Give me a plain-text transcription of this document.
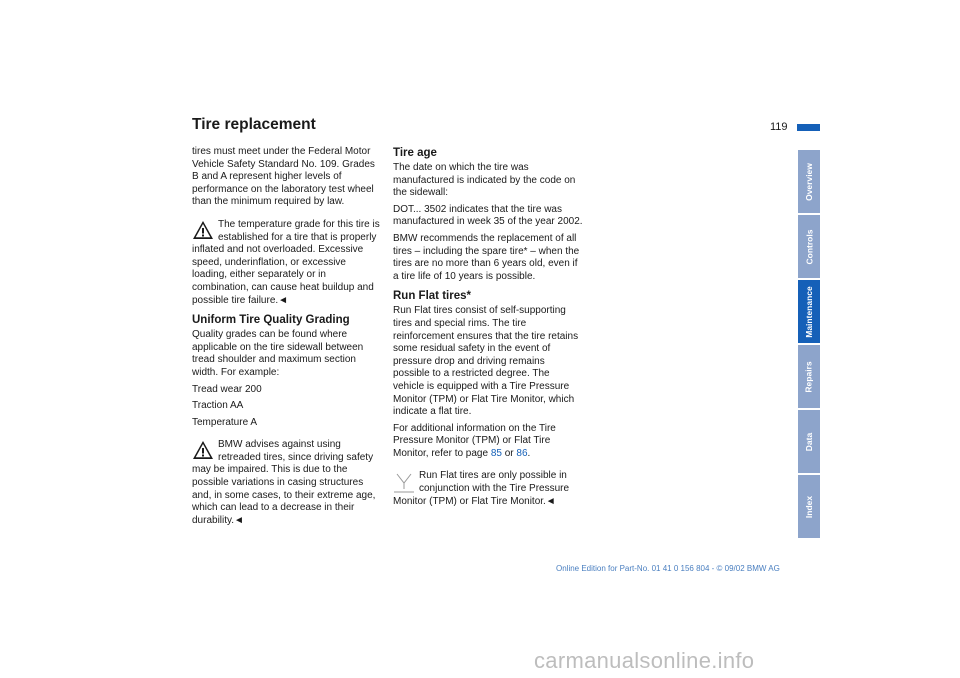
Tire replacement	119

tires must meet under the Federal Motor Vehicle Safety Standard No. 109. Grades B and A represent higher levels of performance on the laboratory test wheel than the minimum required by law.

The temperature grade for this tire is established for a tire that is properly inflated and not overloaded. Excessive speed, underinflation, or excessive loading, either separately or in combination, can cause heat buildup and possible tire failure.◄

Uniform Tire Quality Grading

Quality grades can be found where applicable on the tire sidewall between tread shoulder and maximum section width. For example:

Tread wear 200

Traction AA

Temperature A

BMW advises against using retreaded tires, since driving safety may be impaired. This is due to the possible variations in casing structures and, in some cases, to their extreme age, which can lead to a decrease in their durability.◄

Tire age

The date on which the tire was manufactured is indicated by the code on the sidewall:

DOT... 3502 indicates that the tire was manufactured in week 35 of the year 2002.

BMW recommends the replacement of all tires – including the spare tire* – when the tires are no more than 6 years old, even if a tire life of 10 years is possible.

Run Flat tires*

Run Flat tires consist of self-supporting tires and special rims. The tire reinforcement ensures that the tire retains some residual safety in the event of pressure drop and driving remains possible to a restricted degree. The vehicle is equipped with a Tire Pressure Monitor (TPM) or Flat Tire Monitor, which indicate a flat tire.

For additional information on the Tire Pressure Monitor (TPM) or Flat Tire Monitor, refer to page 85 or 86.

Run Flat tires are only possible in conjunction with the Tire Pressure Monitor (TPM) or Flat Tire Monitor.◄

Overview
Controls
Maintenance
Repairs
Data
Index
Online Edition for Part-No. 01 41 0 156 804 - © 09/02 BMW AG
carmanualsonline.info
